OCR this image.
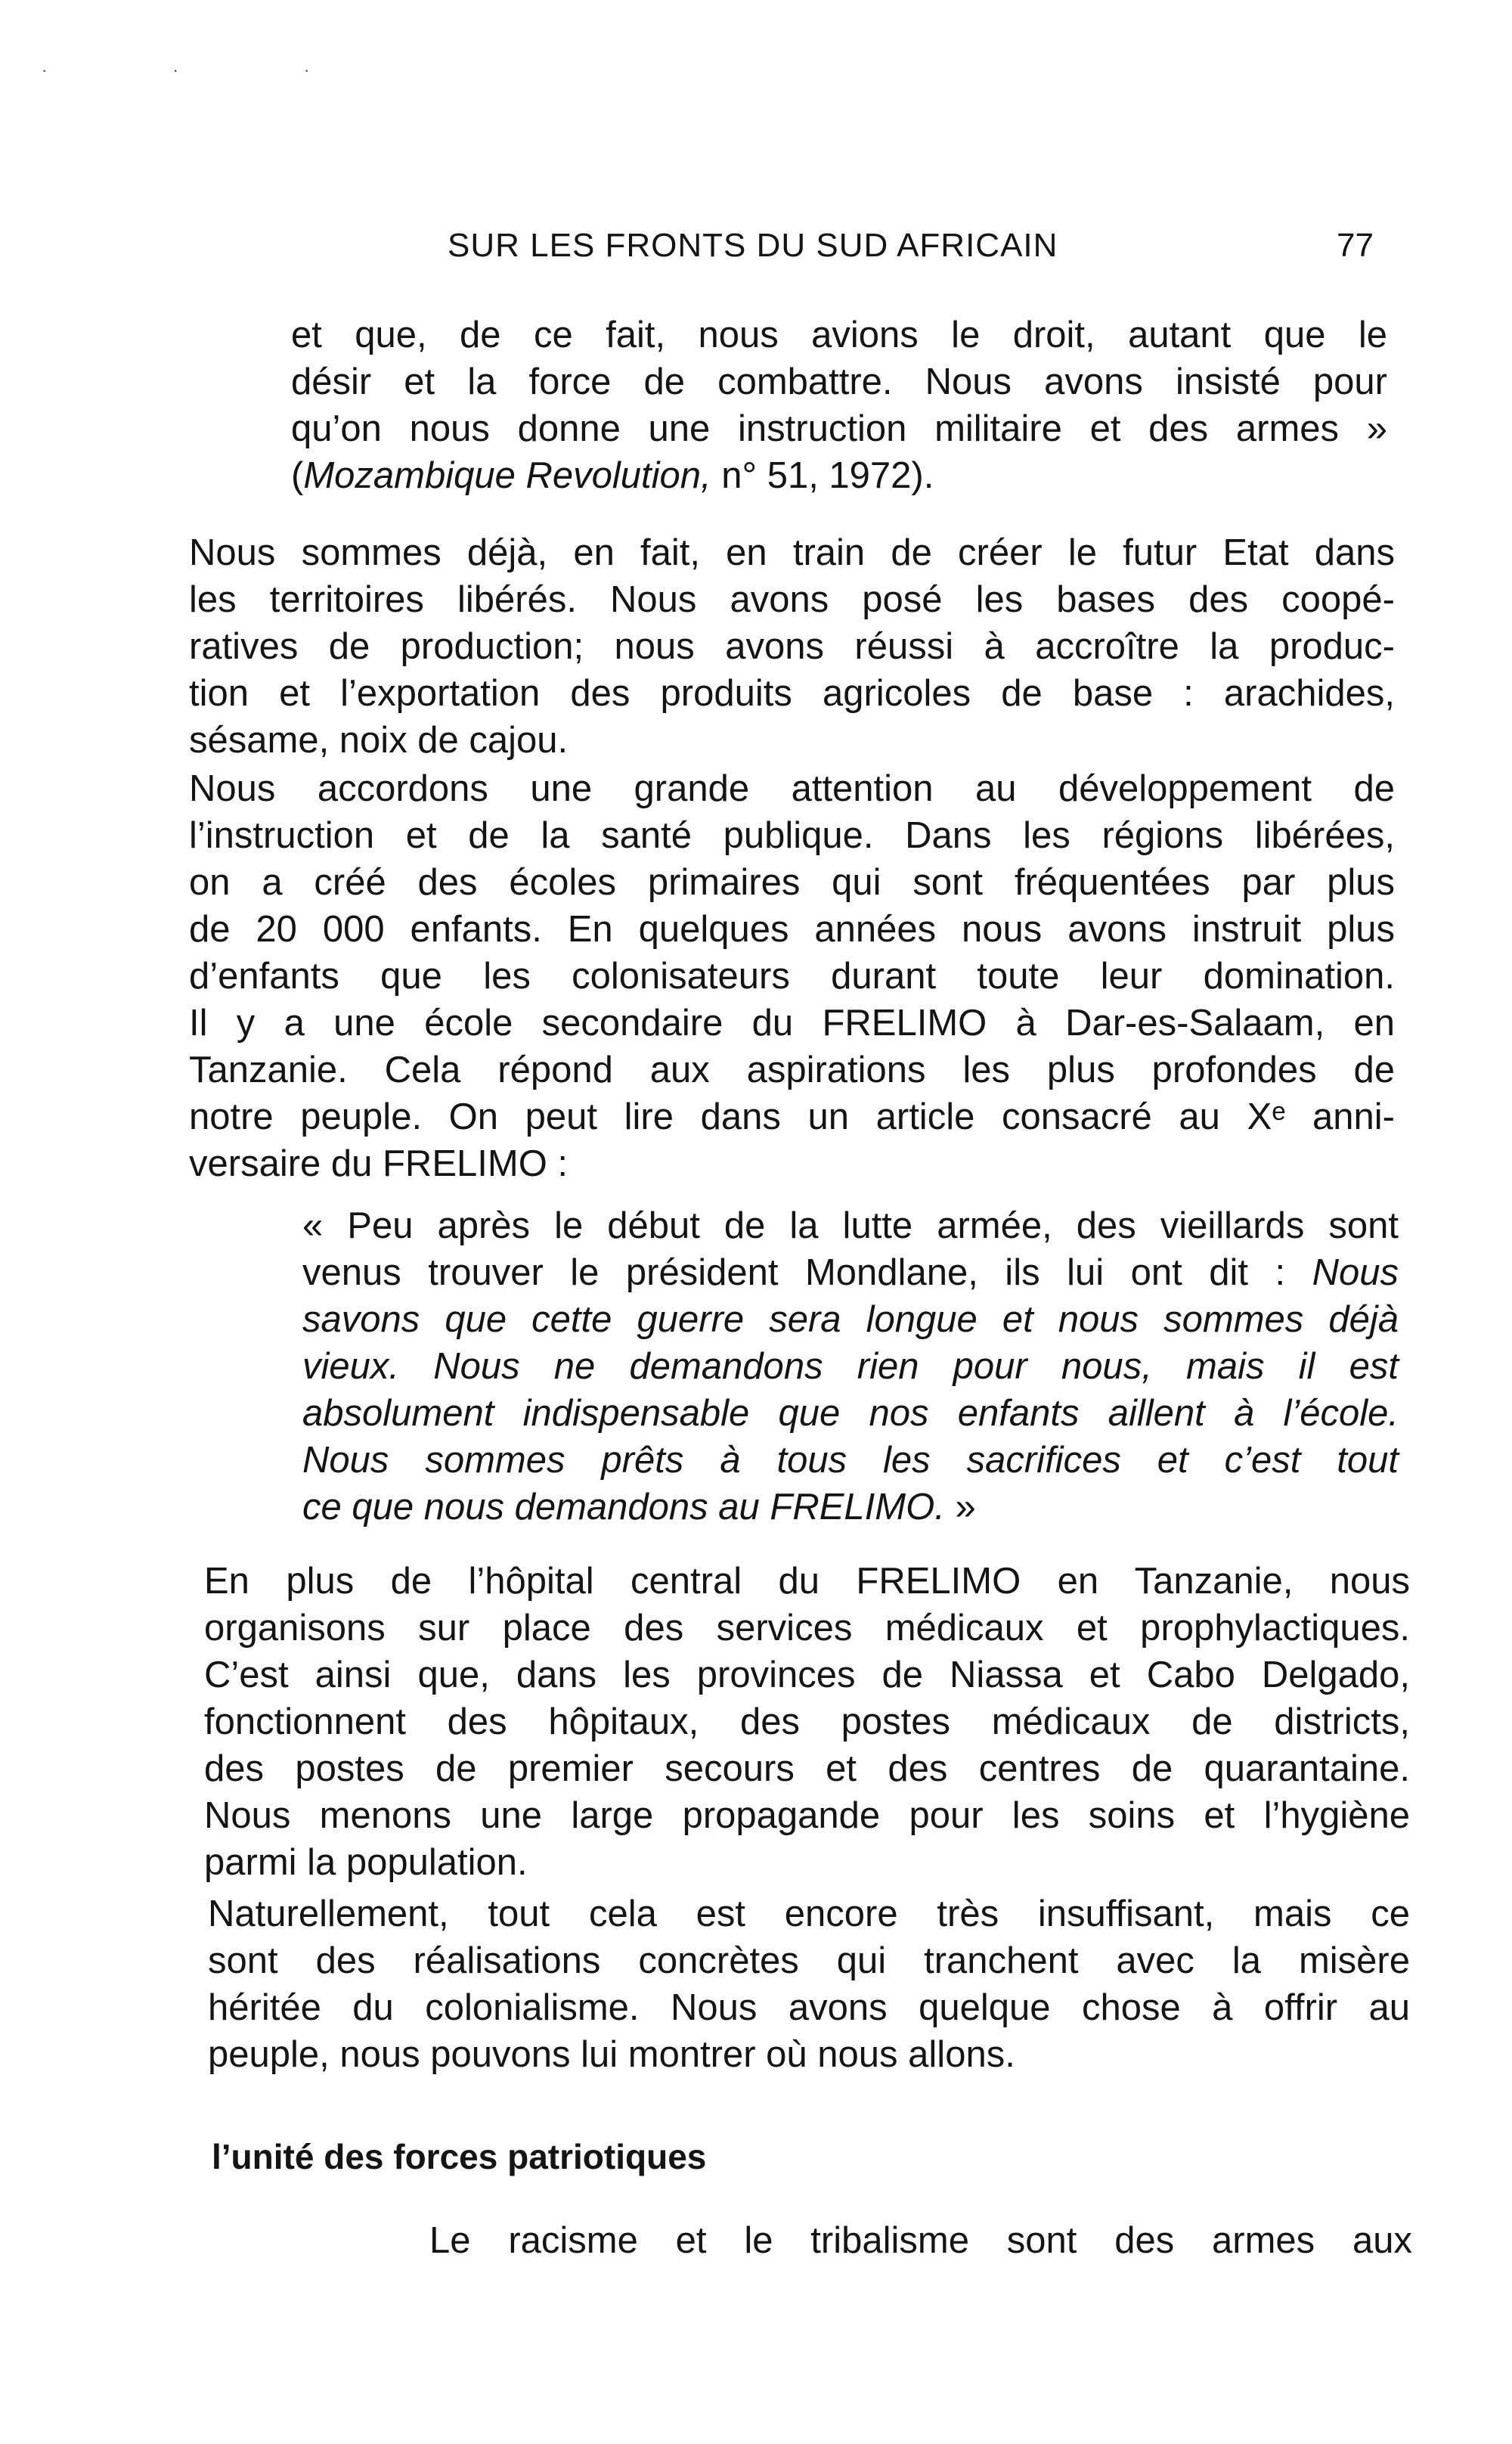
· · ·
SUR LES FRONTS DU SUD AFRICAIN	77
et que, de ce fait, nous avions le droit, autant que le
désir et la force de combattre. Nous avons insisté pour
qu’on nous donne une instruction militaire et des armes »
(Mozambique Revolution, n° 51, 1972).
Nous sommes déjà, en fait, en train de créer le futur Etat dans
les territoires libérés. Nous avons posé les bases des coopé-
ratives de production; nous avons réussi à accroître la produc-
tion et l’exportation des produits agricoles de base : arachides,
sésame, noix de cajou.
Nous accordons une grande attention au développement de
l’instruction et de la santé publique. Dans les régions libérées,
on a créé des écoles primaires qui sont fréquentées par plus
de 20 000 enfants. En quelques années nous avons instruit plus
d’enfants que les colonisateurs durant toute leur domination.
Il y a une école secondaire du FRELIMO à Dar-es-Salaam, en
Tanzanie. Cela répond aux aspirations les plus profondes de
notre peuple. On peut lire dans un article consacré au Xᵉ anni-
versaire du FRELIMO :
« Peu après le début de la lutte armée, des vieillards sont
venus trouver le président Mondlane, ils lui ont dit : Nous
savons que cette guerre sera longue et nous sommes déjà
vieux. Nous ne demandons rien pour nous, mais il est
absolument indispensable que nos enfants aillent à l’école.
Nous sommes prêts à tous les sacrifices et c’est tout
ce que nous demandons au FRELIMO. »
En plus de l’hôpital central du FRELIMO en Tanzanie, nous
organisons sur place des services médicaux et prophylactiques.
C’est ainsi que, dans les provinces de Niassa et Cabo Delgado,
fonctionnent des hôpitaux, des postes médicaux de districts,
des postes de premier secours et des centres de quarantaine.
Nous menons une large propagande pour les soins et l’hygiène
parmi la population.
Naturellement, tout cela est encore très insuffisant, mais ce
sont des réalisations concrètes qui tranchent avec la misère
héritée du colonialisme. Nous avons quelque chose à offrir au
peuple, nous pouvons lui montrer où nous allons.
l’unité des forces patriotiques
Le racisme et le tribalisme sont des armes aux
